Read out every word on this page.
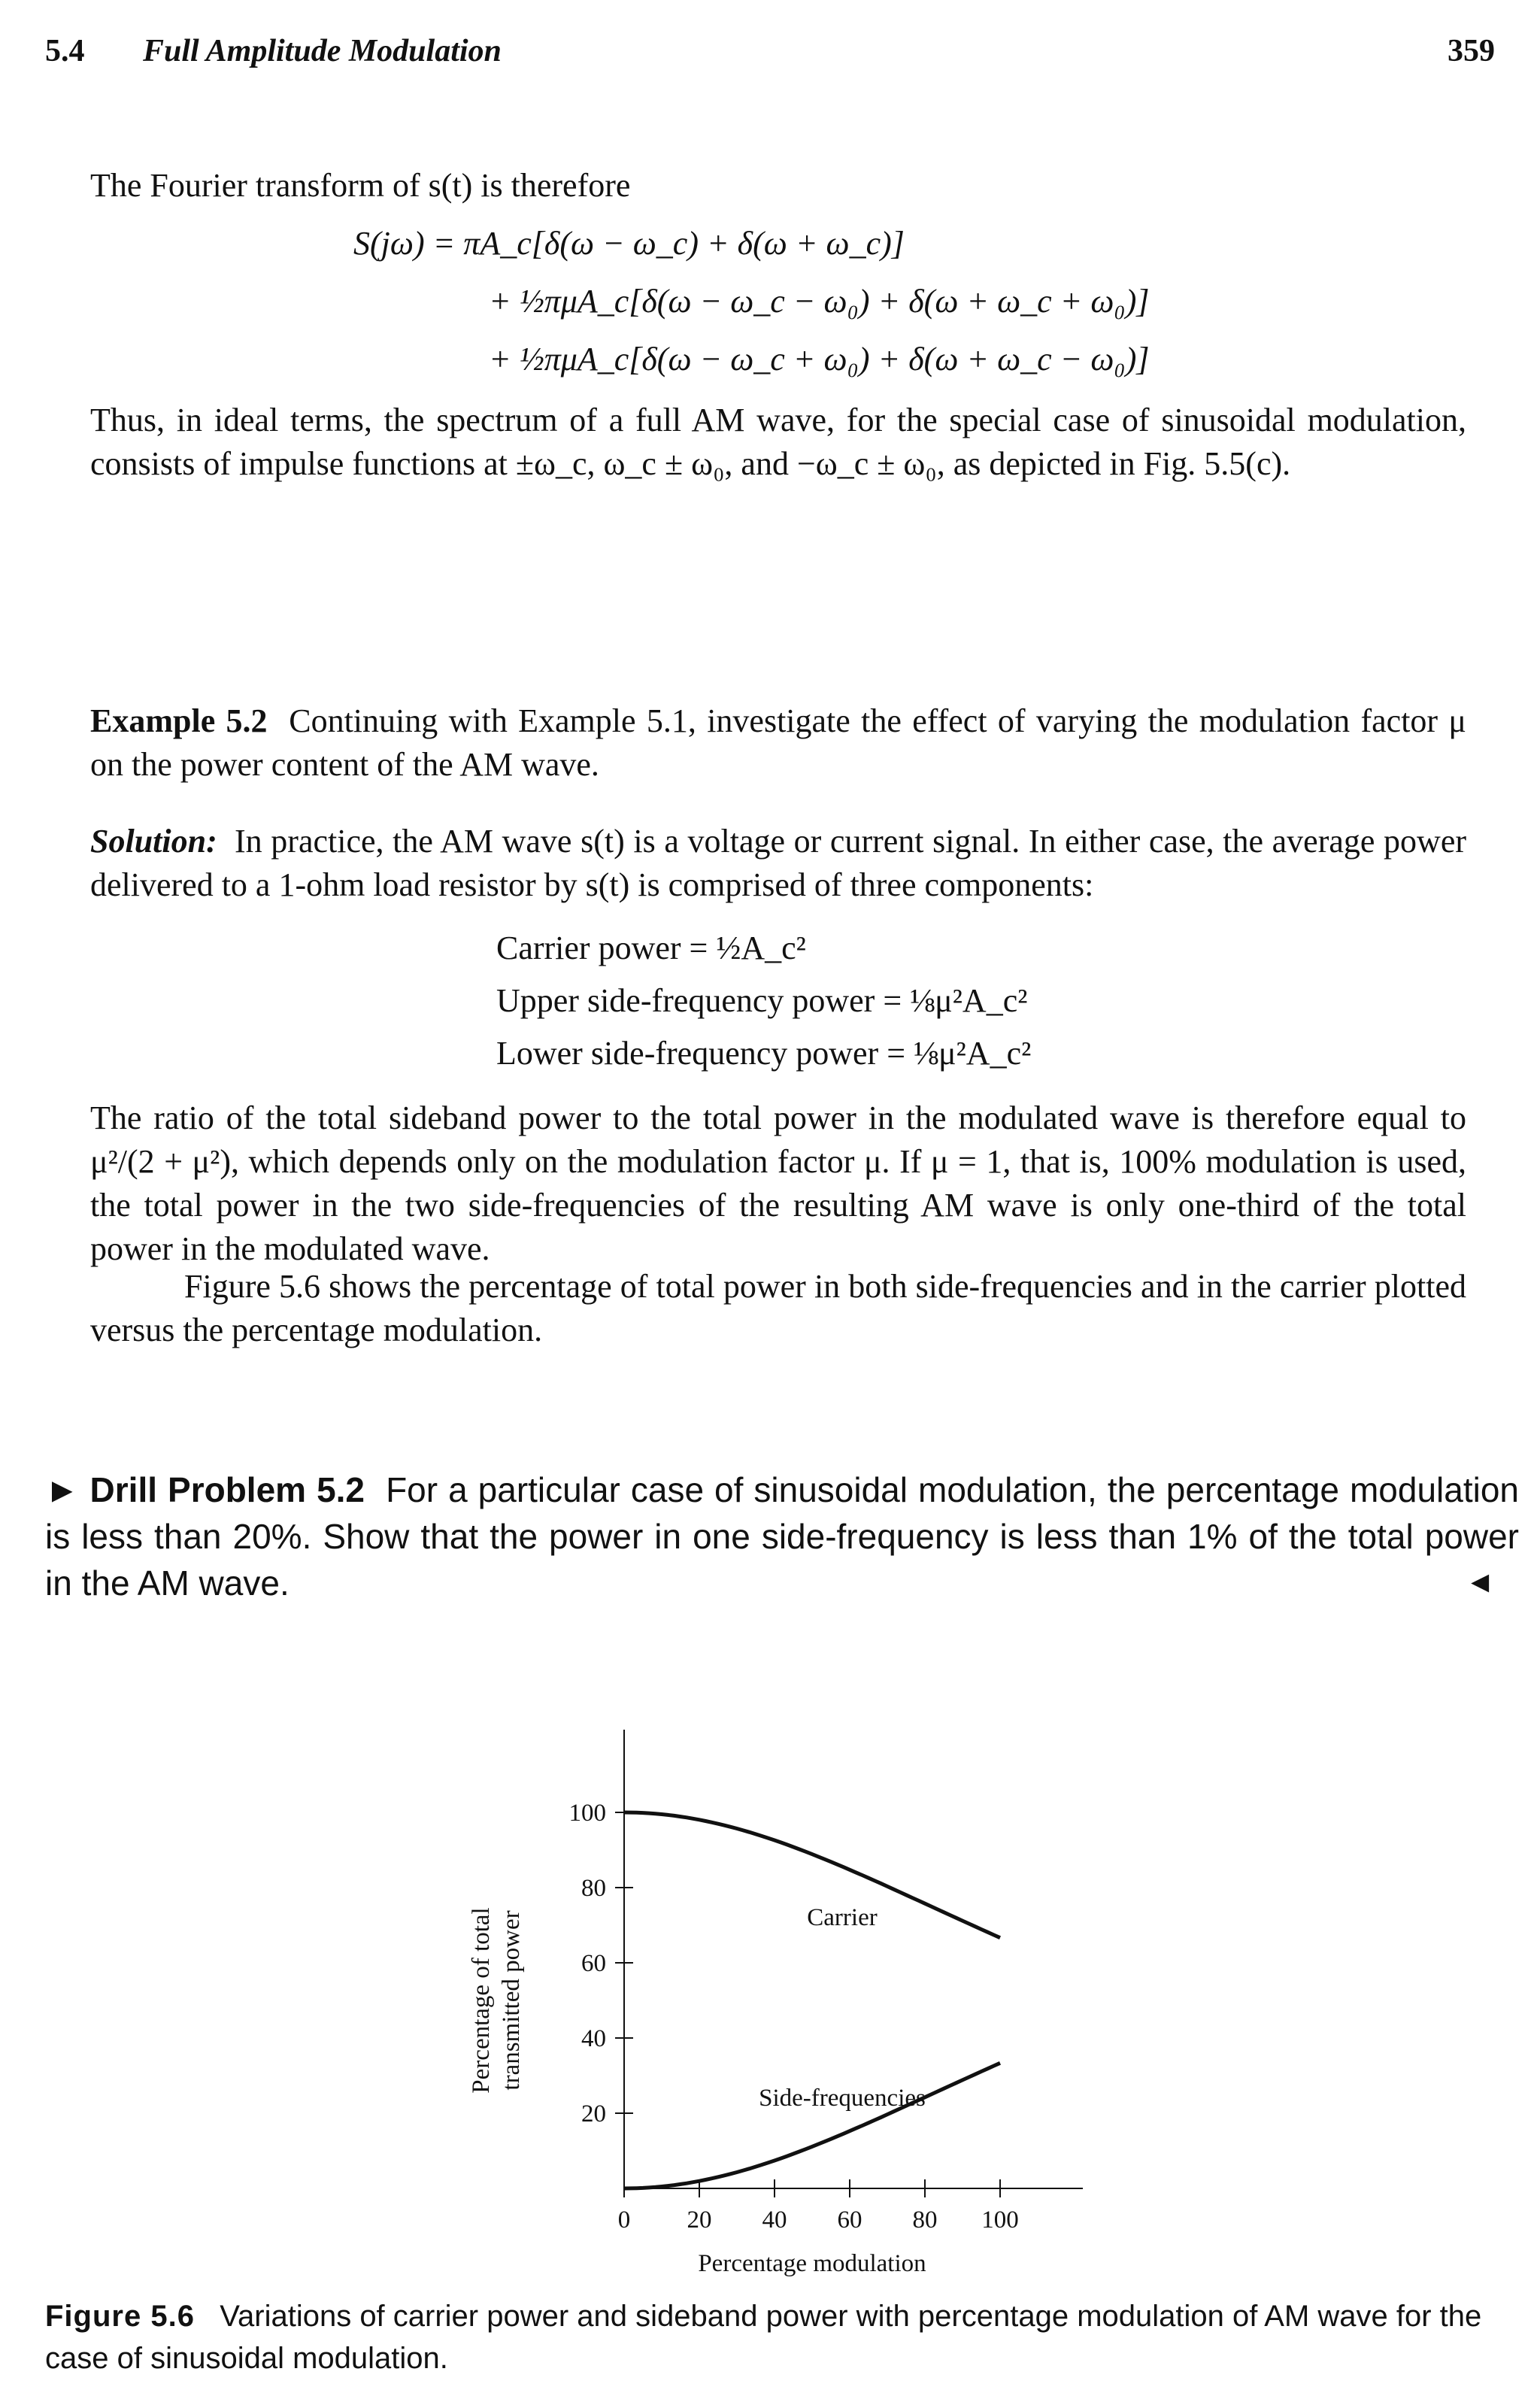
5.4 Full Amplitude Modulation	359
The Fourier transform of s(t) is therefore
S(jω) = πA_c[δ(ω − ω_c) + δ(ω + ω_c)]
+ ½πμA_c[δ(ω − ω_c − ω₀) + δ(ω + ω_c + ω₀)]
+ ½πμA_c[δ(ω − ω_c + ω₀) + δ(ω + ω_c − ω₀)]
Thus, in ideal terms, the spectrum of a full AM wave, for the special case of sinusoidal modulation, consists of impulse functions at ±ω_c, ω_c ± ω₀, and −ω_c ± ω₀, as depicted in Fig. 5.5(c).
Example 5.2 Continuing with Example 5.1, investigate the effect of varying the modulation factor μ on the power content of the AM wave.
Solution: In practice, the AM wave s(t) is a voltage or current signal. In either case, the average power delivered to a 1-ohm load resistor by s(t) is comprised of three components:
Carrier power = ½A_c²
Upper side-frequency power = ⅛μ²A_c²
Lower side-frequency power = ⅛μ²A_c²
The ratio of the total sideband power to the total power in the modulated wave is therefore equal to μ²/(2 + μ²), which depends only on the modulation factor μ. If μ = 1, that is, 100% modulation is used, the total power in the two side-frequencies of the resulting AM wave is only one-third of the total power in the modulated wave.
Figure 5.6 shows the percentage of total power in both side-frequencies and in the carrier plotted versus the percentage modulation.
► Drill Problem 5.2 For a particular case of sinusoidal modulation, the percentage modulation is less than 20%. Show that the power in one side-frequency is less than 1% of the total power in the AM wave.	◄
0 20 40 60 80 100
20
40
60
80
100
Percentage modulation
Percentage of total transmitted power	Carrier
Side-frequencies
Figure 5.6 Variations of carrier power and sideband power with percentage modulation of AM wave for the case of sinusoidal modulation.
